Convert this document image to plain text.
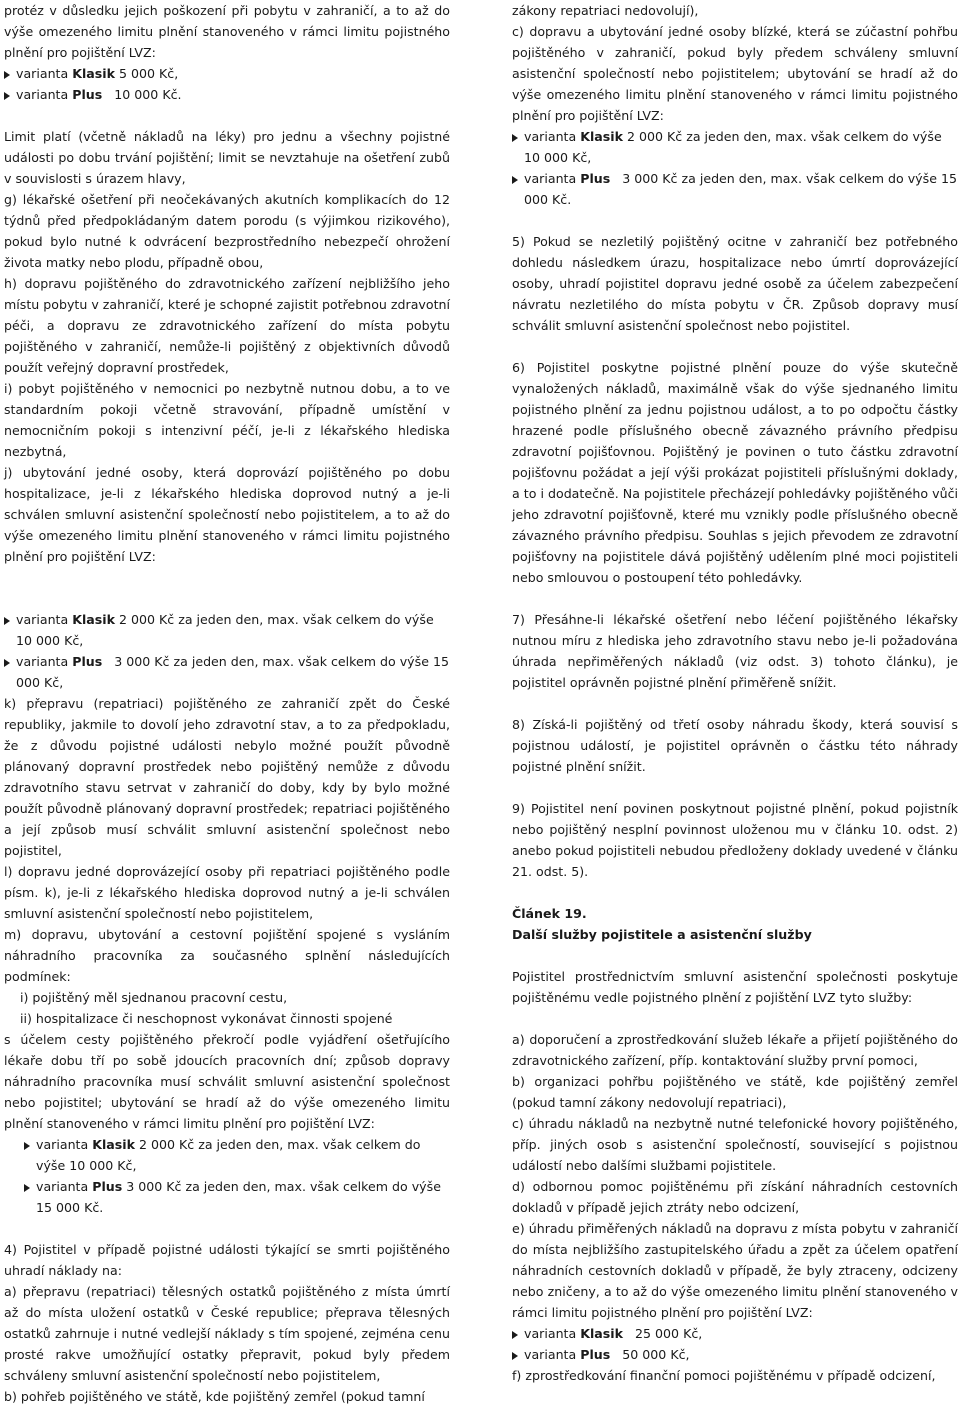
protéz v důsledku jejich poškození při pobytu v zahraničí, a to až do výše omezeného limitu plnění stanoveného v rámci limitu pojistného plnění pro pojištění LVZ:

varianta Klasik 5 000 Kč,

varianta Plus   10 000 Kč.

Limit platí (včetně nákladů na léky) pro jednu a všechny pojistné události po dobu trvání pojištění; limit se nevztahuje na ošetření zubů v souvislosti s úrazem hlavy,

g) lékařské ošetření při neočekávaných akutních komplikacích do 12 týdnů před předpokládaným datem porodu (s výjimkou rizikového), pokud bylo nutné k odvrácení bezprostředního nebezpečí ohrožení života matky nebo plodu, případně obou,

h) dopravu pojištěného do zdravotnického zařízení nejbližšího jeho místu pobytu v zahraničí, které je schopné zajistit potřebnou zdravotní péči, a dopravu ze zdravotnického zařízení do místa pobytu pojištěného v zahraničí, nemůže-li pojištěný z objektivních důvodů použít veřejný dopravní prostředek,

i) pobyt pojištěného v nemocnici po nezbytně nutnou dobu, a to ve standardním pokoji včetně stravování, případně umístění v nemocničním pokoji s intenzivní péčí, je-li z lékařského hlediska nezbytná,

j) ubytování jedné osoby, která doprovází pojištěného po dobu hospitalizace, je-li z lékařského hlediska doprovod nutný a je-li schválen smluvní asistenční společností nebo pojistitelem, a to až do výše omezeného limitu plnění stanoveného v rámci limitu pojistného plnění pro pojištění LVZ:

varianta Klasik 2 000 Kč za jeden den, max. však celkem do výše 10 000 Kč,

varianta Plus   3 000 Kč za jeden den, max. však celkem do výše 15 000 Kč,

k) přepravu (repatriaci) pojištěného ze zahraničí zpět do České republiky, jakmile to dovolí jeho zdravotní stav, a to za předpokladu, že z důvodu pojistné události nebylo možné použít původně plánovaný dopravní prostředek nebo pojištěný nemůže z důvodu zdravotního stavu setrvat v zahraničí do doby, kdy by bylo možné použít původně plánovaný dopravní prostředek; repatriaci pojištěného a její způsob musí schválit smluvní asistenční společnost nebo pojistitel,

l) dopravu jedné doprovázející osoby při repatriaci pojištěného podle písm. k), je-li z lékařského hlediska doprovod nutný a je-li schválen smluvní asistenční společností nebo pojistitelem,

m) dopravu, ubytování a cestovní pojištění spojené s vysláním náhradního pracovníka za současného splnění následujících podmínek:

i) pojištěný měl sjednanou pracovní cestu,

ii) hospitalizace či neschopnost vykonávat činnosti spojené

s účelem cesty pojištěného překročí podle vyjádření ošetřujícího lékaře dobu tří po sobě jdoucích pracovních dní; způsob dopravy náhradního pracovníka musí schválit smluvní asistenční společnost nebo pojistitel; ubytování se hradí až do výše omezeného limitu plnění stanoveného v rámci limitu plnění pro pojištění LVZ:

varianta Klasik 2 000 Kč za jeden den, max. však celkem do výše 10 000 Kč,

varianta Plus 3 000 Kč za jeden den, max. však celkem do výše 15 000 Kč.

4) Pojistitel v případě pojistné události týkající se smrti pojištěného uhradí náklady na:

a) přepravu (repatriaci) tělesných ostatků pojištěného z místa úmrtí až do místa uložení ostatků v České republice; přeprava tělesných ostatků zahrnuje i nutné vedlejší náklady s tím spojené, zejména cenu prosté rakve umožňující ostatky přepravit, pokud byly předem schváleny smluvní asistenční společností nebo pojistitelem,

b) pohřeb pojištěného ve státě, kde pojištěný zemřel (pokud tamní

zákony repatriaci nedovolují),

c) dopravu a ubytování jedné osoby blízké, která se zúčastní pohřbu pojištěného v zahraničí, pokud byly předem schváleny smluvní asistenční společností nebo pojistitelem; ubytování se hradí až do výše omezeného limitu plnění stanoveného v rámci limitu pojistného plnění pro pojištění LVZ:

varianta Klasik 2 000 Kč za jeden den, max. však celkem do výše 10 000 Kč,

varianta Plus   3 000 Kč za jeden den, max. však celkem do výše 15 000 Kč.

5) Pokud se nezletilý pojištěný ocitne v zahraničí bez potřebného dohledu následkem úrazu, hospitalizace nebo úmrtí doprovázející osoby, uhradí pojistitel dopravu jedné osobě za účelem zabezpečení návratu nezletilého do místa pobytu v ČR. Způsob dopravy musí schválit smluvní asistenční společnost nebo pojistitel.

6) Pojistitel poskytne pojistné plnění pouze do výše skutečně vynaložených nákladů, maximálně však do výše sjednaného limitu pojistného plnění za jednu pojistnou událost, a to po odpočtu částky hrazené podle příslušného obecně závazného právního předpisu zdravotní pojišťovnou. Pojištěný je povinen o tuto částku zdravotní pojišťovnu požádat a její výši prokázat pojistiteli příslušnými doklady, a to i dodatečně. Na pojistitele přecházejí pohledávky pojištěného vůči jeho zdravotní pojišťovně, které mu vznikly podle příslušného obecně závazného právního předpisu. Souhlas s jejich převodem ze zdravotní pojišťovny na pojistitele dává pojištěný udělením plné moci pojistiteli nebo smlouvou o postoupení této pohledávky.

7) Přesáhne-li lékařské ošetření nebo léčení pojištěného lékařsky nutnou míru z hlediska jeho zdravotního stavu nebo je-li požadována úhrada nepřiměřených nákladů (viz odst. 3) tohoto článku), je pojistitel oprávněn pojistné plnění přiměřeně snížit.

8) Získá-li pojištěný od třetí osoby náhradu škody, která souvisí s pojistnou událostí, je pojistitel oprávněn o částku této náhrady pojistné plnění snížit.

9) Pojistitel není povinen poskytnout pojistné plnění, pokud pojistník nebo pojištěný nesplní povinnost uloženou mu v článku 10. odst. 2) anebo pokud pojistiteli nebudou předloženy doklady uvedené v článku 21. odst. 5).

Článek 19.

Další služby pojistitele a asistenční služby

Pojistitel prostřednictvím smluvní asistenční společnosti poskytuje pojištěnému vedle pojistného plnění z pojištění LVZ tyto služby:

a) doporučení a zprostředkování služeb lékaře a přijetí pojištěného do zdravotnického zařízení, příp. kontaktování služby první pomoci,

b) organizaci pohřbu pojištěného ve státě, kde pojištěný zemřel (pokud tamní zákony nedovolují repatriaci),

c) úhradu nákladů na nezbytně nutné telefonické hovory pojištěného, příp. jiných osob s asistenční společností, související s pojistnou událostí nebo dalšími službami pojistitele.

d) odbornou pomoc pojištěnému při získání náhradních cestovních dokladů v případě jejich ztráty nebo odcizení,

e) úhradu přiměřených nákladů na dopravu z místa pobytu v zahraničí do místa nejbližšího zastupitelského úřadu a zpět za účelem opatření náhradních cestovních dokladů v případě, že byly ztraceny, odcizeny nebo zničeny, a to až do výše omezeného limitu plnění stanoveného v rámci limitu pojistného plnění pro pojištění LVZ:

varianta Klasik   25 000 Kč,

varianta Plus   50 000 Kč,

f) zprostředkování finanční pomoci pojištěnému v případě odcizení,
